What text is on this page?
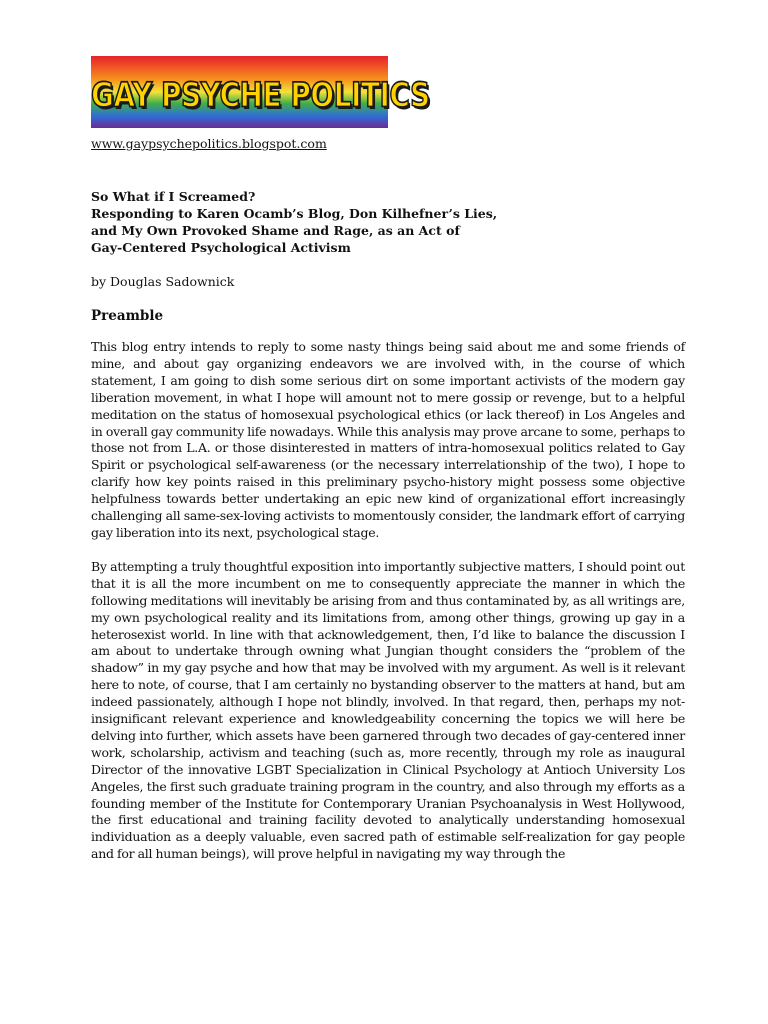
GAY PSYCHE POLITICS
www.gaypsychepolitics.blogspot.com
So What if I Screamed?
Responding to Karen Ocamb’s Blog, Don Kilhefner’s Lies,
and My Own Provoked Shame and Rage, as an Act of
Gay-Centered Psychological Activism
by Douglas Sadownick
Preamble

This blog entry intends to reply to some nasty things being said about me and some friends of mine, and about gay organizing endeavors we are involved with, in the course of which statement, I am going to dish some serious dirt on some important activists of the modern gay liberation movement, in what I hope will amount not to mere gossip or revenge, but to a helpful meditation on the status of homosexual psychological ethics (or lack thereof) in Los Angeles and in overall gay community life nowadays. While this analysis may prove arcane to some, perhaps to those not from L.A. or those disinterested in matters of intra-homosexual politics related to Gay Spirit or psychological self-awareness (or the necessary interrelationship of the two), I hope to clarify how key points raised in this preliminary psycho-history might possess some objective helpfulness towards better undertaking an epic new kind of organizational effort increasingly challenging all same-sex-loving activists to momentously consider, the landmark effort of carrying gay liberation into its next, psychological stage.

By attempting a truly thoughtful exposition into importantly subjective matters, I should point out that it is all the more incumbent on me to consequently appreciate the manner in which the following meditations will inevitably be arising from and thus contaminated by, as all writings are, my own psychological reality and its limitations from, among other things, growing up gay in a heterosexist world. In line with that acknowledgement, then, I’d like to balance the discussion I am about to undertake through owning what Jungian thought considers the “problem of the shadow” in my gay psyche and how that may be involved with my argument. As well is it relevant here to note, of course, that I am certainly no bystanding observer to the matters at hand, but am indeed passionately, although I hope not blindly, involved. In that regard, then, perhaps my not-insignificant relevant experience and knowledgeability concerning the topics we will here be delving into further, which assets have been garnered through two decades of gay-centered inner work, scholarship, activism and teaching (such as, more recently, through my role as inaugural Director of the innovative LGBT Specialization in Clinical Psychology at Antioch University Los Angeles, the first such graduate training program in the country, and also through my efforts as a founding member of the Institute for Contemporary Uranian Psychoanalysis in West Hollywood, the first educational and training facility devoted to analytically understanding homosexual individuation as a deeply valuable, even sacred path of estimable self-realization for gay people and for all human beings), will prove helpful in navigating my way through the
